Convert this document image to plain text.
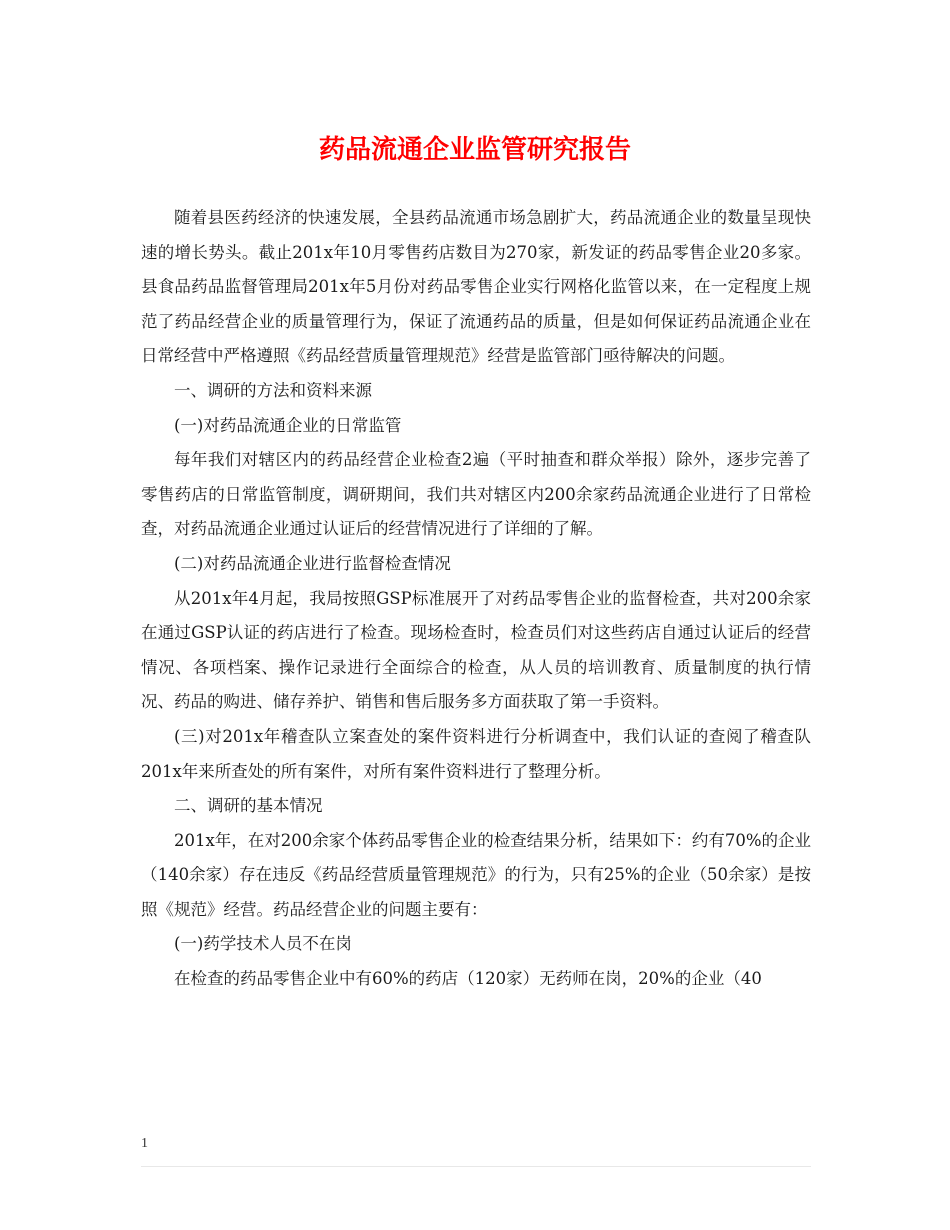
药品流通企业监管研究报告

随着县医药经济的快速发展，全县药品流通市场急剧扩大，药品流通企业的数量呈现快速的增长势头。截止201x年10月零售药店数目为270家，新发证的药品零售企业20多家。县食品药品监督管理局201x年5月份对药品零售企业实行网格化监管以来，在一定程度上规范了药品经营企业的质量管理行为，保证了流通药品的质量，但是如何保证药品流通企业在日常经营中严格遵照《药品经营质量管理规范》经营是监管部门亟待解决的问题。

一、调研的方法和资料来源

(一)对药品流通企业的日常监管

每年我们对辖区内的药品经营企业检查2遍（平时抽查和群众举报）除外，逐步完善了零售药店的日常监管制度，调研期间，我们共对辖区内200余家药品流通企业进行了日常检查，对药品流通企业通过认证后的经营情况进行了详细的了解。

(二)对药品流通企业进行监督检查情况

从201x年4月起，我局按照GSP标准展开了对药品零售企业的监督检查，共对200余家在通过GSP认证的药店进行了检查。现场检查时，检查员们对这些药店自通过认证后的经营情况、各项档案、操作记录进行全面综合的检查，从人员的培训教育、质量制度的执行情况、药品的购进、储存养护、销售和售后服务多方面获取了第一手资料。

(三)对201x年稽查队立案查处的案件资料进行分析调查中，我们认证的查阅了稽查队201x年来所查处的所有案件，对所有案件资料进行了整理分析。

二、调研的基本情况

201x年，在对200余家个体药品零售企业的检查结果分析，结果如下：约有70%的企业（140余家）存在违反《药品经营质量管理规范》的行为，只有25%的企业（50余家）是按照《规范》经营。药品经营企业的问题主要有：

(一)药学技术人员不在岗

在检查的药品零售企业中有60%的药店（120家）无药师在岗，20%的企业（40

1
